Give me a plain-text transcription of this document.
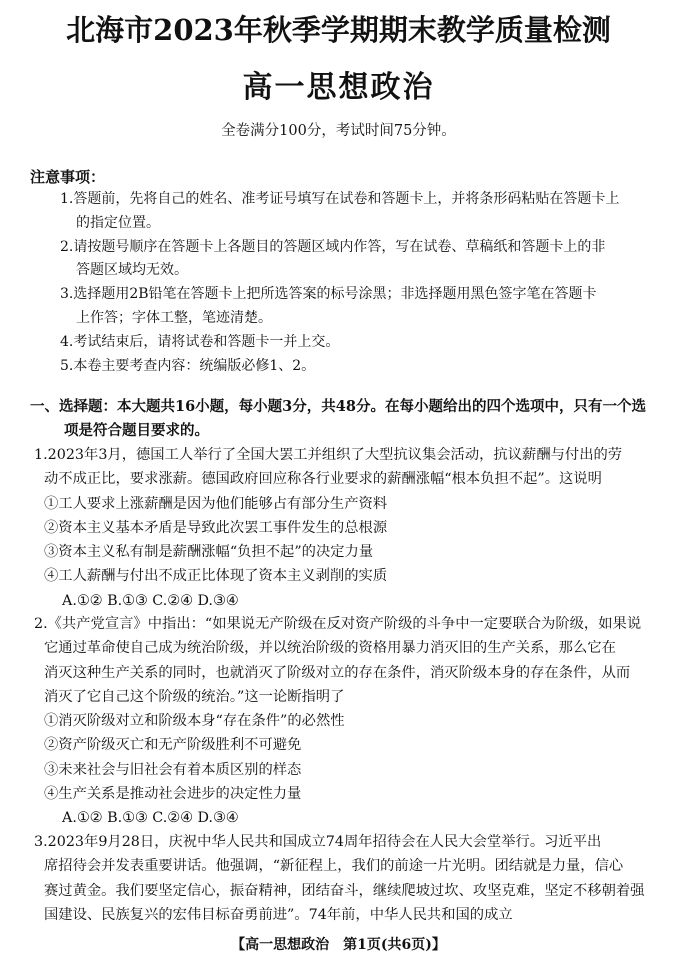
北海市2023年秋季学期期末教学质量检测
高一思想政治
全卷满分100分，考试时间75分钟。
注意事项：
1.答题前，先将自己的姓名、准考证号填写在试卷和答题卡上，并将条形码粘贴在答题卡上
的指定位置。
2.请按题号顺序在答题卡上各题目的答题区域内作答，写在试卷、草稿纸和答题卡上的非
答题区域均无效。
3.选择题用2B铅笔在答题卡上把所选答案的标号涂黑；非选择题用黑色签字笔在答题卡
上作答；字体工整，笔迹清楚。
4.考试结束后，请将试卷和答题卡一并上交。
5.本卷主要考查内容：统编版必修1、2。
一、选择题：本大题共16小题，每小题3分，共48分。在每小题给出的四个选项中，只有一个选
项是符合题目要求的。
1.2023年3月，德国工人举行了全国大罢工并组织了大型抗议集会活动，抗议薪酬与付出的劳
动不成正比，要求涨薪。德国政府回应称各行业要求的薪酬涨幅“根本负担不起”。这说明
①工人要求上涨薪酬是因为他们能够占有部分生产资料
②资本主义基本矛盾是导致此次罢工事件发生的总根源
③资本主义私有制是薪酬涨幅“负担不起”的决定力量
④工人薪酬与付出不成正比体现了资本主义剥削的实质
A.①② B.①③ C.②④ D.③④
2.《共产党宣言》中指出：“如果说无产阶级在反对资产阶级的斗争中一定要联合为阶级，如果说
它通过革命使自己成为统治阶级，并以统治阶级的资格用暴力消灭旧的生产关系，那么它在
消灭这种生产关系的同时，也就消灭了阶级对立的存在条件，消灭阶级本身的存在条件，从而
消灭了它自己这个阶级的统治。”这一论断指明了
①消灭阶级对立和阶级本身“存在条件”的必然性
②资产阶级灭亡和无产阶级胜利不可避免
③未来社会与旧社会有着本质区别的样态
④生产关系是推动社会进步的决定性力量
A.①② B.①③ C.②④ D.③④
3.2023年9月28日，庆祝中华人民共和国成立74周年招待会在人民大会堂举行。习近平出
席招待会并发表重要讲话。他强调，“新征程上，我们的前途一片光明。团结就是力量，信心
赛过黄金。我们要坚定信心，振奋精神，团结奋斗，继续爬坡过坎、攻坚克难，坚定不移朝着强
国建设、民族复兴的宏伟目标奋勇前进”。74年前，中华人民共和国的成立
【高一思想政治　第1页(共6页)】
